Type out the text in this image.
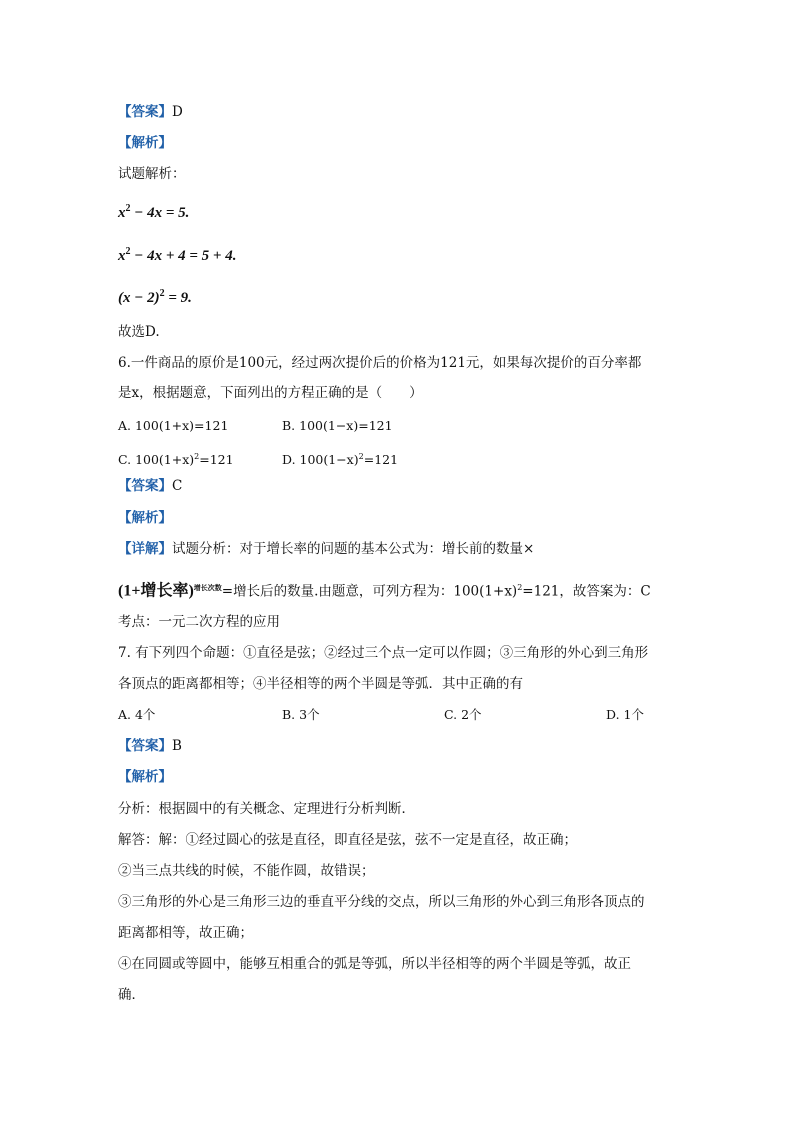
【答案】D
【解析】
试题解析：
$x^2 - 4x = 5$.
$x^2 - 4x + 4 = 5 + 4$.
$(x - 2)^2 = 9$.
故选D.
6.一件商品的原价是100元，经过两次提价后的价格为121元，如果每次提价的百分率都
是x，根据题意，下面列出的方程正确的是（　　）
A. 100(1+x)=121	B. 100(1−x)=121
C. $100(1+x)^2=121$	D. $100(1-x)^2=121$
【答案】C
【解析】
【详解】试题分析：对于增长率的问题的基本公式为：增长前的数量×
(1+增长率)$^{增长次数}$=增长后的数量.由题意，可列方程为：$100(1+x)^2=121$，故答案为：C
考点：一元二次方程的应用
7. 有下列四个命题：①直径是弦；②经过三个点一定可以作圆；③三角形的外心到三角形
各顶点的距离都相等；④半径相等的两个半圆是等弧．其中正确的有
A. 4个	B. 3个	C. 2个	D. 1个
【答案】B
【解析】
分析：根据圆中的有关概念、定理进行分析判断．
解答：解：①经过圆心的弦是直径，即直径是弦，弦不一定是直径，故正确；
②当三点共线的时候，不能作圆，故错误；
③三角形的外心是三角形三边的垂直平分线的交点，所以三角形的外心到三角形各顶点的
距离都相等，故正确；
④在同圆或等圆中，能够互相重合的弧是等弧，所以半径相等的两个半圆是等弧，故正
确．
